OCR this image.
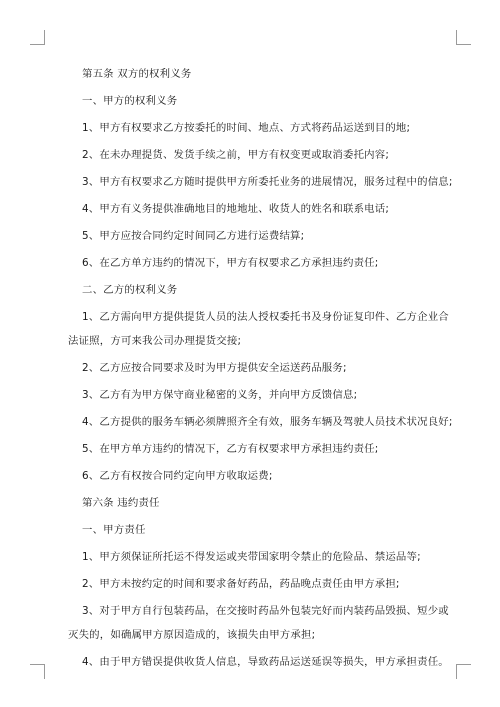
第五条 双方的权利义务
一、甲方的权利义务
1、甲方有权要求乙方按委托的时间、地点、方式将药品运送到目的地;
2、在未办理提货、发货手续之前，甲方有权变更或取消委托内容;
3、甲方有权要求乙方随时提供甲方所委托业务的进展情况，服务过程中的信息;
4、甲方有义务提供准确地目的地地址、收货人的姓名和联系电话;
5、甲方应按合同约定时间同乙方进行运费结算;
6、在乙方单方违约的情况下，甲方有权要求乙方承担违约责任;
二、乙方的权利义务
1、乙方需向甲方提供提货人员的法人授权委托书及身份证复印件、乙方企业合
法证照，方可来我公司办理提货交接;
2、乙方应按合同要求及时为甲方提供安全运送药品服务;
3、乙方有为甲方保守商业秘密的义务，并向甲方反馈信息;
4、乙方提供的服务车辆必须牌照齐全有效，服务车辆及驾驶人员技术状况良好;
5、在甲方单方违约的情况下，乙方有权要求甲方承担违约责任;
6、乙方有权按合同约定向甲方收取运费;
第六条 违约责任
一、甲方责任
1、甲方须保证所托运不得发运或夹带国家明令禁止的危险品、禁运品等;
2、甲方未按约定的时间和要求备好药品，药品晚点责任由甲方承担;
3、对于甲方自行包装药品，在交接时药品外包装完好而内装药品毁损、短少或
灭失的，如确属甲方原因造成的，该损失由甲方承担;
4、由于甲方错误提供收货人信息，导致药品运送延误等损失，甲方承担责任。
